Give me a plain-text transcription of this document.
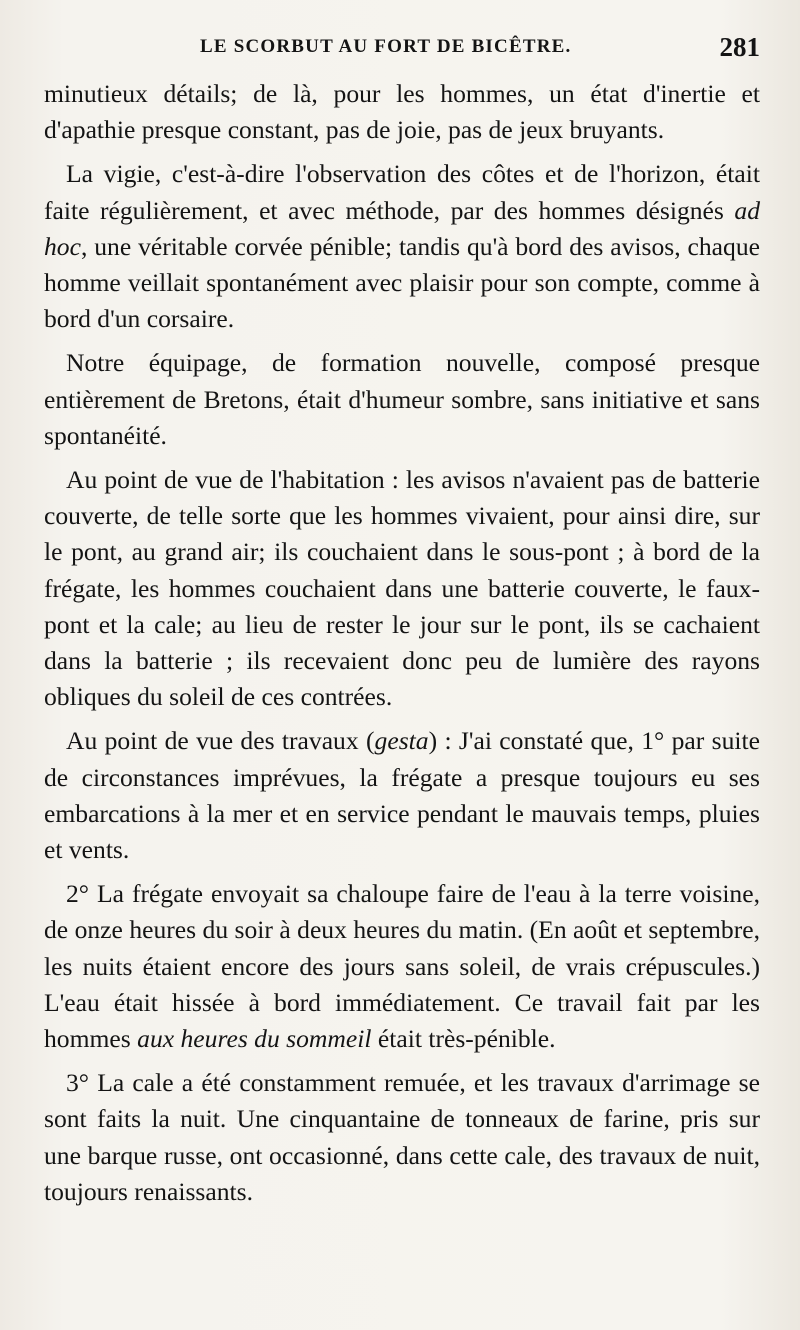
LE SCORBUT AU FORT DE BICÊTRE.	281

minutieux détails; de là, pour les hommes, un état d'inertie et d'apathie presque constant, pas de joie, pas de jeux bruyants.

La vigie, c'est-à-dire l'observation des côtes et de l'horizon, était faite régulièrement, et avec méthode, par des hommes désignés ad hoc, une véritable corvée pénible; tandis qu'à bord des avisos, chaque homme veillait spontanément avec plaisir pour son compte, comme à bord d'un corsaire.

Notre équipage, de formation nouvelle, composé presque entièrement de Bretons, était d'humeur sombre, sans initiative et sans spontanéité.

Au point de vue de l'habitation : les avisos n'avaient pas de batterie couverte, de telle sorte que les hommes vivaient, pour ainsi dire, sur le pont, au grand air; ils couchaient dans le sous-pont ; à bord de la frégate, les hommes couchaient dans une batterie couverte, le faux-pont et la cale; au lieu de rester le jour sur le pont, ils se cachaient dans la batterie ; ils recevaient donc peu de lumière des rayons obliques du soleil de ces contrées.

Au point de vue des travaux (gesta) : J'ai constaté que, 1° par suite de circonstances imprévues, la frégate a presque toujours eu ses embarcations à la mer et en service pendant le mauvais temps, pluies et vents.

2° La frégate envoyait sa chaloupe faire de l'eau à la terre voisine, de onze heures du soir à deux heures du matin. (En août et septembre, les nuits étaient encore des jours sans soleil, de vrais crépuscules.) L'eau était hissée à bord immédiatement. Ce travail fait par les hommes aux heures du sommeil était très-pénible.

3° La cale a été constamment remuée, et les travaux d'arrimage se sont faits la nuit. Une cinquantaine de tonneaux de farine, pris sur une barque russe, ont occasionné, dans cette cale, des travaux de nuit, toujours renaissants.
